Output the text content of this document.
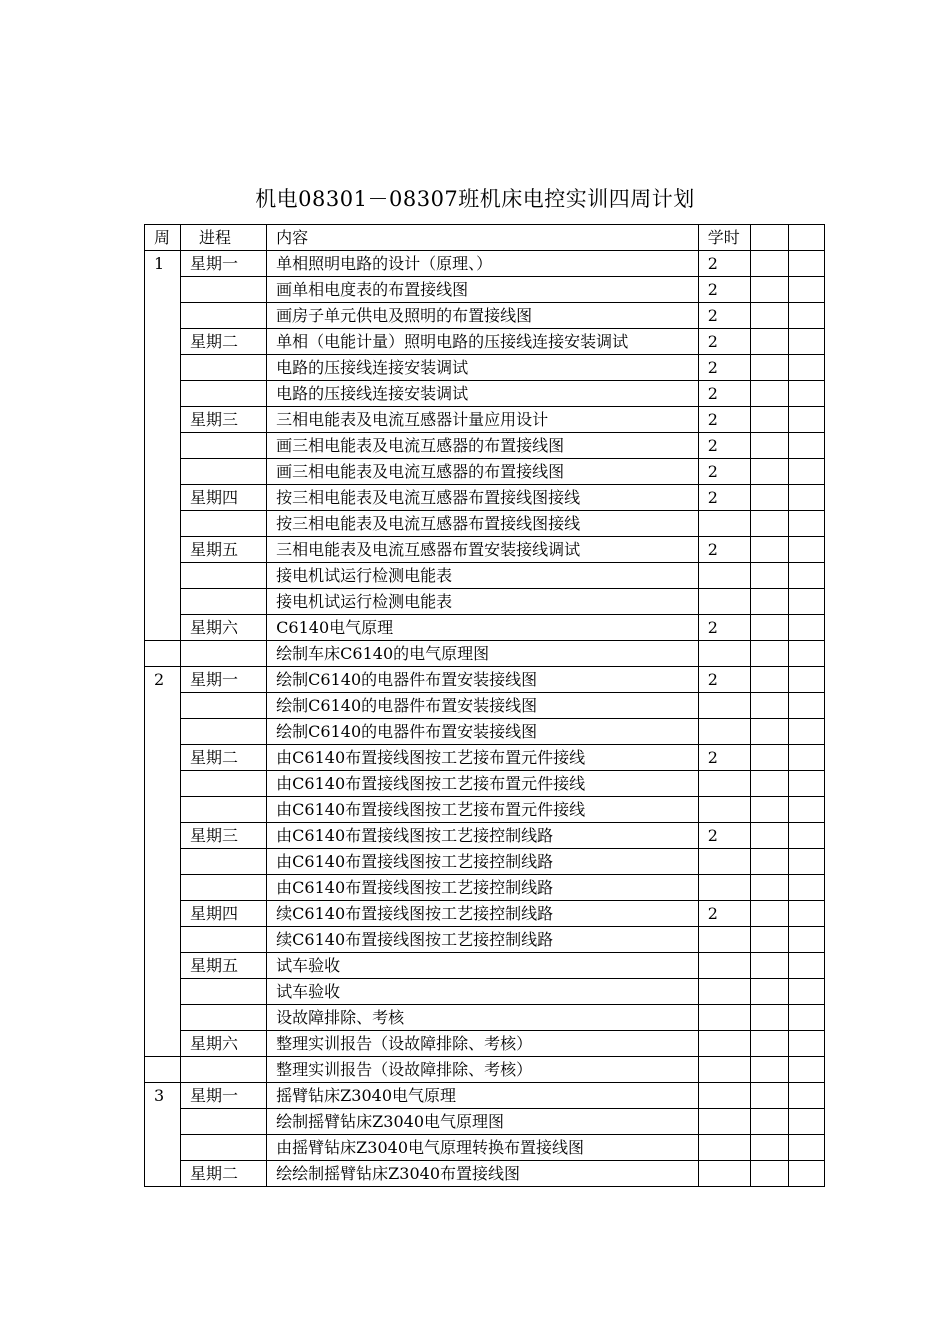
机电08301－08307班机床电控实训四周计划
周	进程	内容	学时		
1	星期一	单相照明电路的设计（原理、）	2		
		画单相电度表的布置接线图	2		
		画房子单元供电及照明的布置接线图	2		
	星期二	单相（电能计量）照明电路的压接线连接安装调试	2		
		电路的压接线连接安装调试	2		
		电路的压接线连接安装调试	2		
	星期三	三相电能表及电流互感器计量应用设计	2		
		画三相电能表及电流互感器的布置接线图	2		
		画三相电能表及电流互感器的布置接线图	2		
	星期四	按三相电能表及电流互感器布置接线图接线	2		
		按三相电能表及电流互感器布置接线图接线			
	星期五	三相电能表及电流互感器布置安装接线调试	2		
		接电机试运行检测电能表			
		接电机试运行检测电能表			
	星期六	C6140电气原理	2		
		绘制车床C6140的电气原理图			
2	星期一	绘制C6140的电器件布置安装接线图	2		
		绘制C6140的电器件布置安装接线图			
		绘制C6140的电器件布置安装接线图			
	星期二	由C6140布置接线图按工艺接布置元件接线	2		
		由C6140布置接线图按工艺接布置元件接线			
		由C6140布置接线图按工艺接布置元件接线			
	星期三	由C6140布置接线图按工艺接控制线路	2		
		由C6140布置接线图按工艺接控制线路			
		由C6140布置接线图按工艺接控制线路			
	星期四	续C6140布置接线图按工艺接控制线路	2		
		续C6140布置接线图按工艺接控制线路			
	星期五	试车验收			
		试车验收			
		设故障排除、考核			
	星期六	整理实训报告（设故障排除、考核）			
		整理实训报告（设故障排除、考核）			
3	星期一	摇臂钻床Z3040电气原理			
		绘制摇臂钻床Z3040电气原理图			
		由摇臂钻床Z3040电气原理转换布置接线图			
	星期二	绘绘制摇臂钻床Z3040布置接线图			
